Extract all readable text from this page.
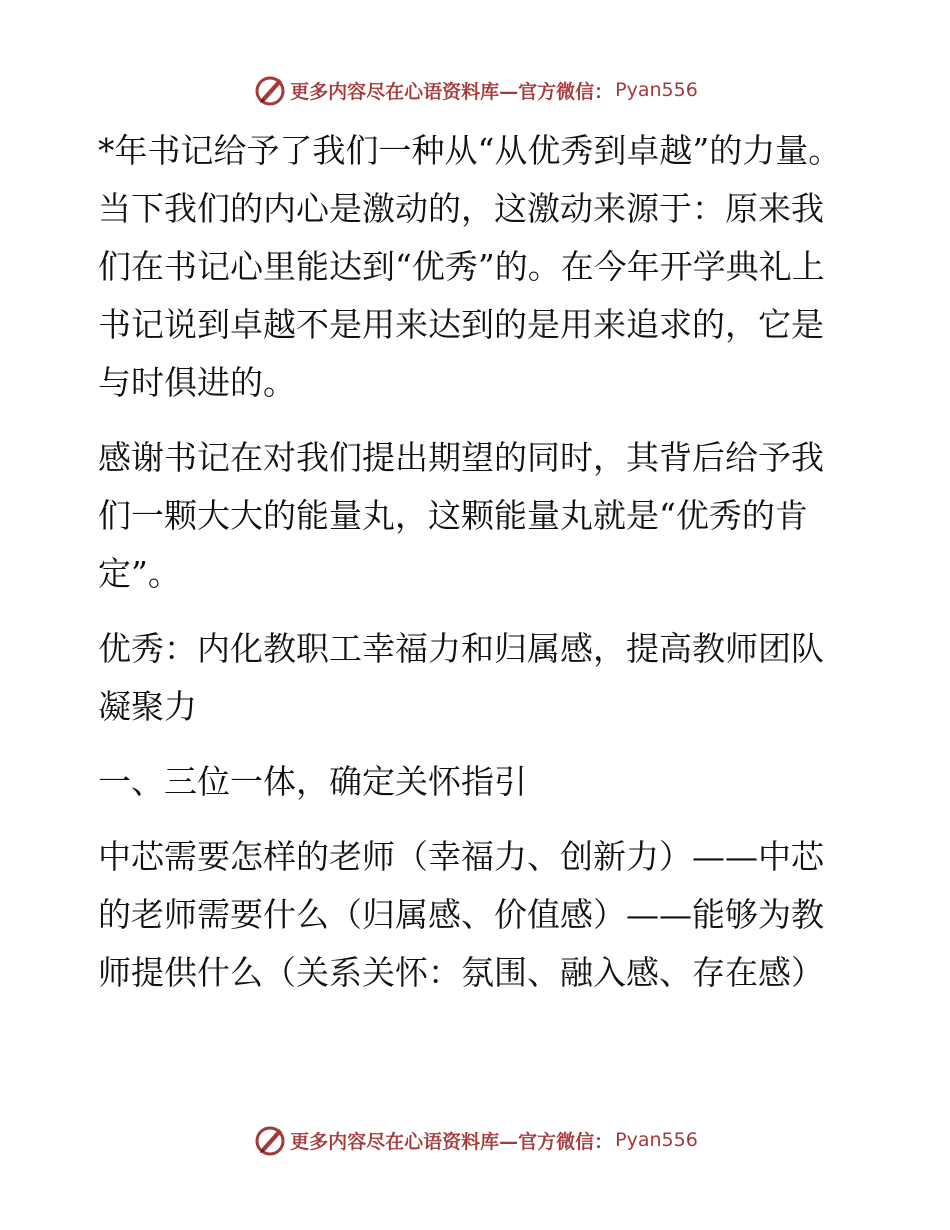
更多内容尽在心语资料库—官方微信： Pyan556

*年书记给予了我们一种从“从优秀到卓越”的力量。当下我们的内心是激动的，这激动来源于：原来我们在书记心里能达到“优秀”的。在今年开学典礼上书记说到卓越不是用来达到的是用来追求的，它是与时俱进的。

感谢书记在对我们提出期望的同时，其背后给予我们一颗大大的能量丸，这颗能量丸就是“优秀的肯定”。

优秀：内化教职工幸福力和归属感，提高教师团队凝聚力

一、三位一体，确定关怀指引

中芯需要怎样的老师（幸福力、创新力）——中芯的老师需要什么（归属感、价值感）——能够为教师提供什么（关系关怀：氛围、融入感、存在感）

更多内容尽在心语资料库—官方微信： Pyan556
